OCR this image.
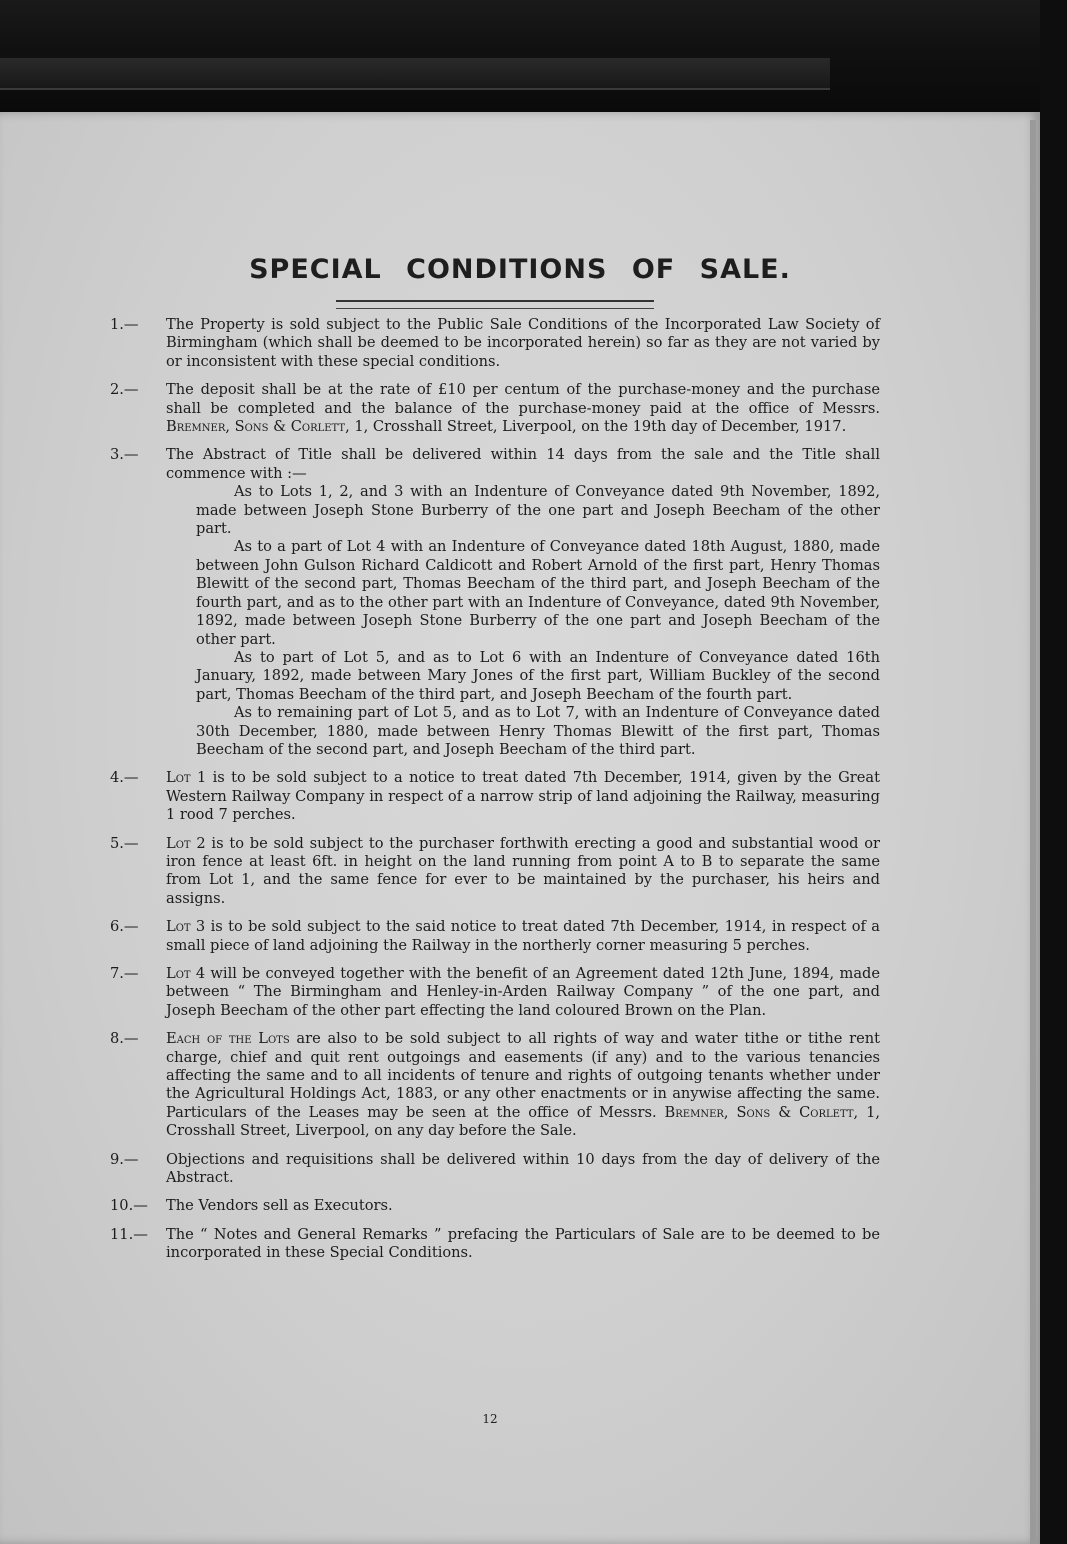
SPECIAL CONDITIONS OF SALE.
1.— The Property is sold subject to the Public Sale Conditions of the Incorporated Law Society of Birmingham (which shall be deemed to be incorporated herein) so far as they are not varied by or inconsistent with these special conditions.
2.— The deposit shall be at the rate of £10 per centum of the purchase-money and the purchase shall be completed and the balance of the purchase-money paid at the office of Messrs. Bremner, Sons & Corlett, 1, Crosshall Street, Liverpool, on the 19th day of December, 1917.
3.— The Abstract of Title shall be delivered within 14 days from the sale and the Title shall commence with :—

As to Lots 1, 2, and 3 with an Indenture of Conveyance dated 9th November, 1892, made between Joseph Stone Burberry of the one part and Joseph Beecham of the other part.

As to a part of Lot 4 with an Indenture of Conveyance dated 18th August, 1880, made between John Gulson Richard Caldicott and Robert Arnold of the first part, Henry Thomas Blewitt of the second part, Thomas Beecham of the third part, and Joseph Beecham of the fourth part, and as to the other part with an Indenture of Conveyance, dated 9th November, 1892, made between Joseph Stone Burberry of the one part and Joseph Beecham of the other part.

As to part of Lot 5, and as to Lot 6 with an Indenture of Conveyance dated 16th January, 1892, made between Mary Jones of the first part, William Buckley of the second part, Thomas Beecham of the third part, and Joseph Beecham of the fourth part.

As to remaining part of Lot 5, and as to Lot 7, with an Indenture of Conveyance dated 30th December, 1880, made between Henry Thomas Blewitt of the first part, Thomas Beecham of the second part, and Joseph Beecham of the third part.

4.— Lot 1 is to be sold subject to a notice to treat dated 7th December, 1914, given by the Great Western Railway Company in respect of a narrow strip of land adjoining the Railway, measuring 1 rood 7 perches.
5.— Lot 2 is to be sold subject to the purchaser forthwith erecting a good and substantial wood or iron fence at least 6ft. in height on the land running from point A to B to separate the same from Lot 1, and the same fence for ever to be maintained by the purchaser, his heirs and assigns.
6.— Lot 3 is to be sold subject to the said notice to treat dated 7th December, 1914, in respect of a small piece of land adjoining the Railway in the northerly corner measuring 5 perches.
7.— Lot 4 will be conveyed together with the benefit of an Agreement dated 12th June, 1894, made between “ The Birmingham and Henley-in-Arden Railway Company ” of the one part, and Joseph Beecham of the other part effecting the land coloured Brown on the Plan.
8.— Each of the Lots are also to be sold subject to all rights of way and water tithe or tithe rent charge, chief and quit rent outgoings and easements (if any) and to the various tenancies affecting the same and to all incidents of tenure and rights of outgoing tenants whether under the Agricultural Holdings Act, 1883, or any other enactments or in anywise affecting the same. Particulars of the Leases may be seen at the office of Messrs. Bremner, Sons & Corlett, 1, Crosshall Street, Liverpool, on any day before the Sale.
9.— Objections and requisitions shall be delivered within 10 days from the day of delivery of the Abstract.
10.— The Vendors sell as Executors.
11.— The “ Notes and General Remarks ” prefacing the Particulars of Sale are to be deemed to be incorporated in these Special Conditions.
12
